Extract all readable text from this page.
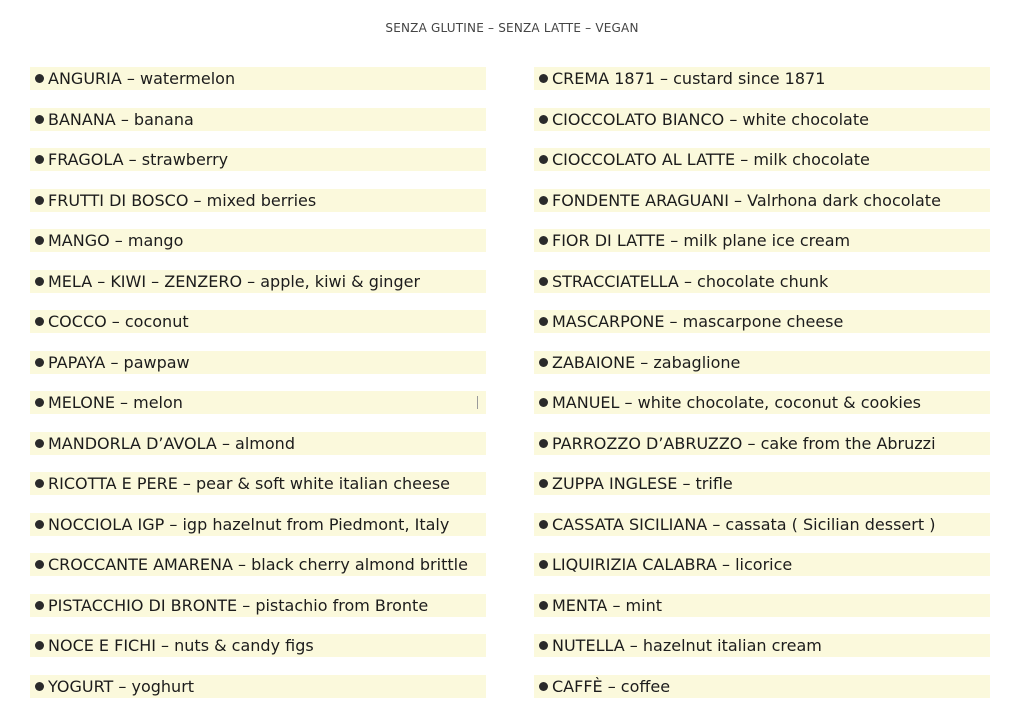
SENZA GLUTINE – SENZA LATTE – VEGAN
ANGURIA – watermelon
BANANA – banana
FRAGOLA – strawberry
FRUTTI DI BOSCO – mixed berries
MANGO – mango
MELA – KIWI – ZENZERO – apple, kiwi & ginger
COCCO – coconut
PAPAYA – pawpaw
MELONE – melon
MANDORLA D’AVOLA – almond
RICOTTA E PERE – pear & soft white italian cheese
NOCCIOLA IGP – igp hazelnut from Piedmont, Italy
CROCCANTE AMARENA – black cherry almond brittle
PISTACCHIO DI BRONTE – pistachio from Bronte
NOCE E FICHI – nuts & candy figs
YOGURT – yoghurt
CREMA 1871 – custard since 1871
CIOCCOLATO BIANCO – white chocolate
CIOCCOLATO AL LATTE – milk chocolate
FONDENTE ARAGUANI – Valrhona dark chocolate
FIOR DI LATTE – milk plane ice cream
STRACCIATELLA – chocolate chunk
MASCARPONE – mascarpone cheese
ZABAIONE – zabaglione
MANUEL – white chocolate, coconut & cookies
PARROZZO D’ABRUZZO – cake from the Abruzzi
ZUPPA INGLESE – trifle
CASSATA SICILIANA – cassata ( Sicilian dessert )
LIQUIRIZIA CALABRA – licorice
MENTA – mint
NUTELLA – hazelnut italian cream
CAFFÈ – coffee
